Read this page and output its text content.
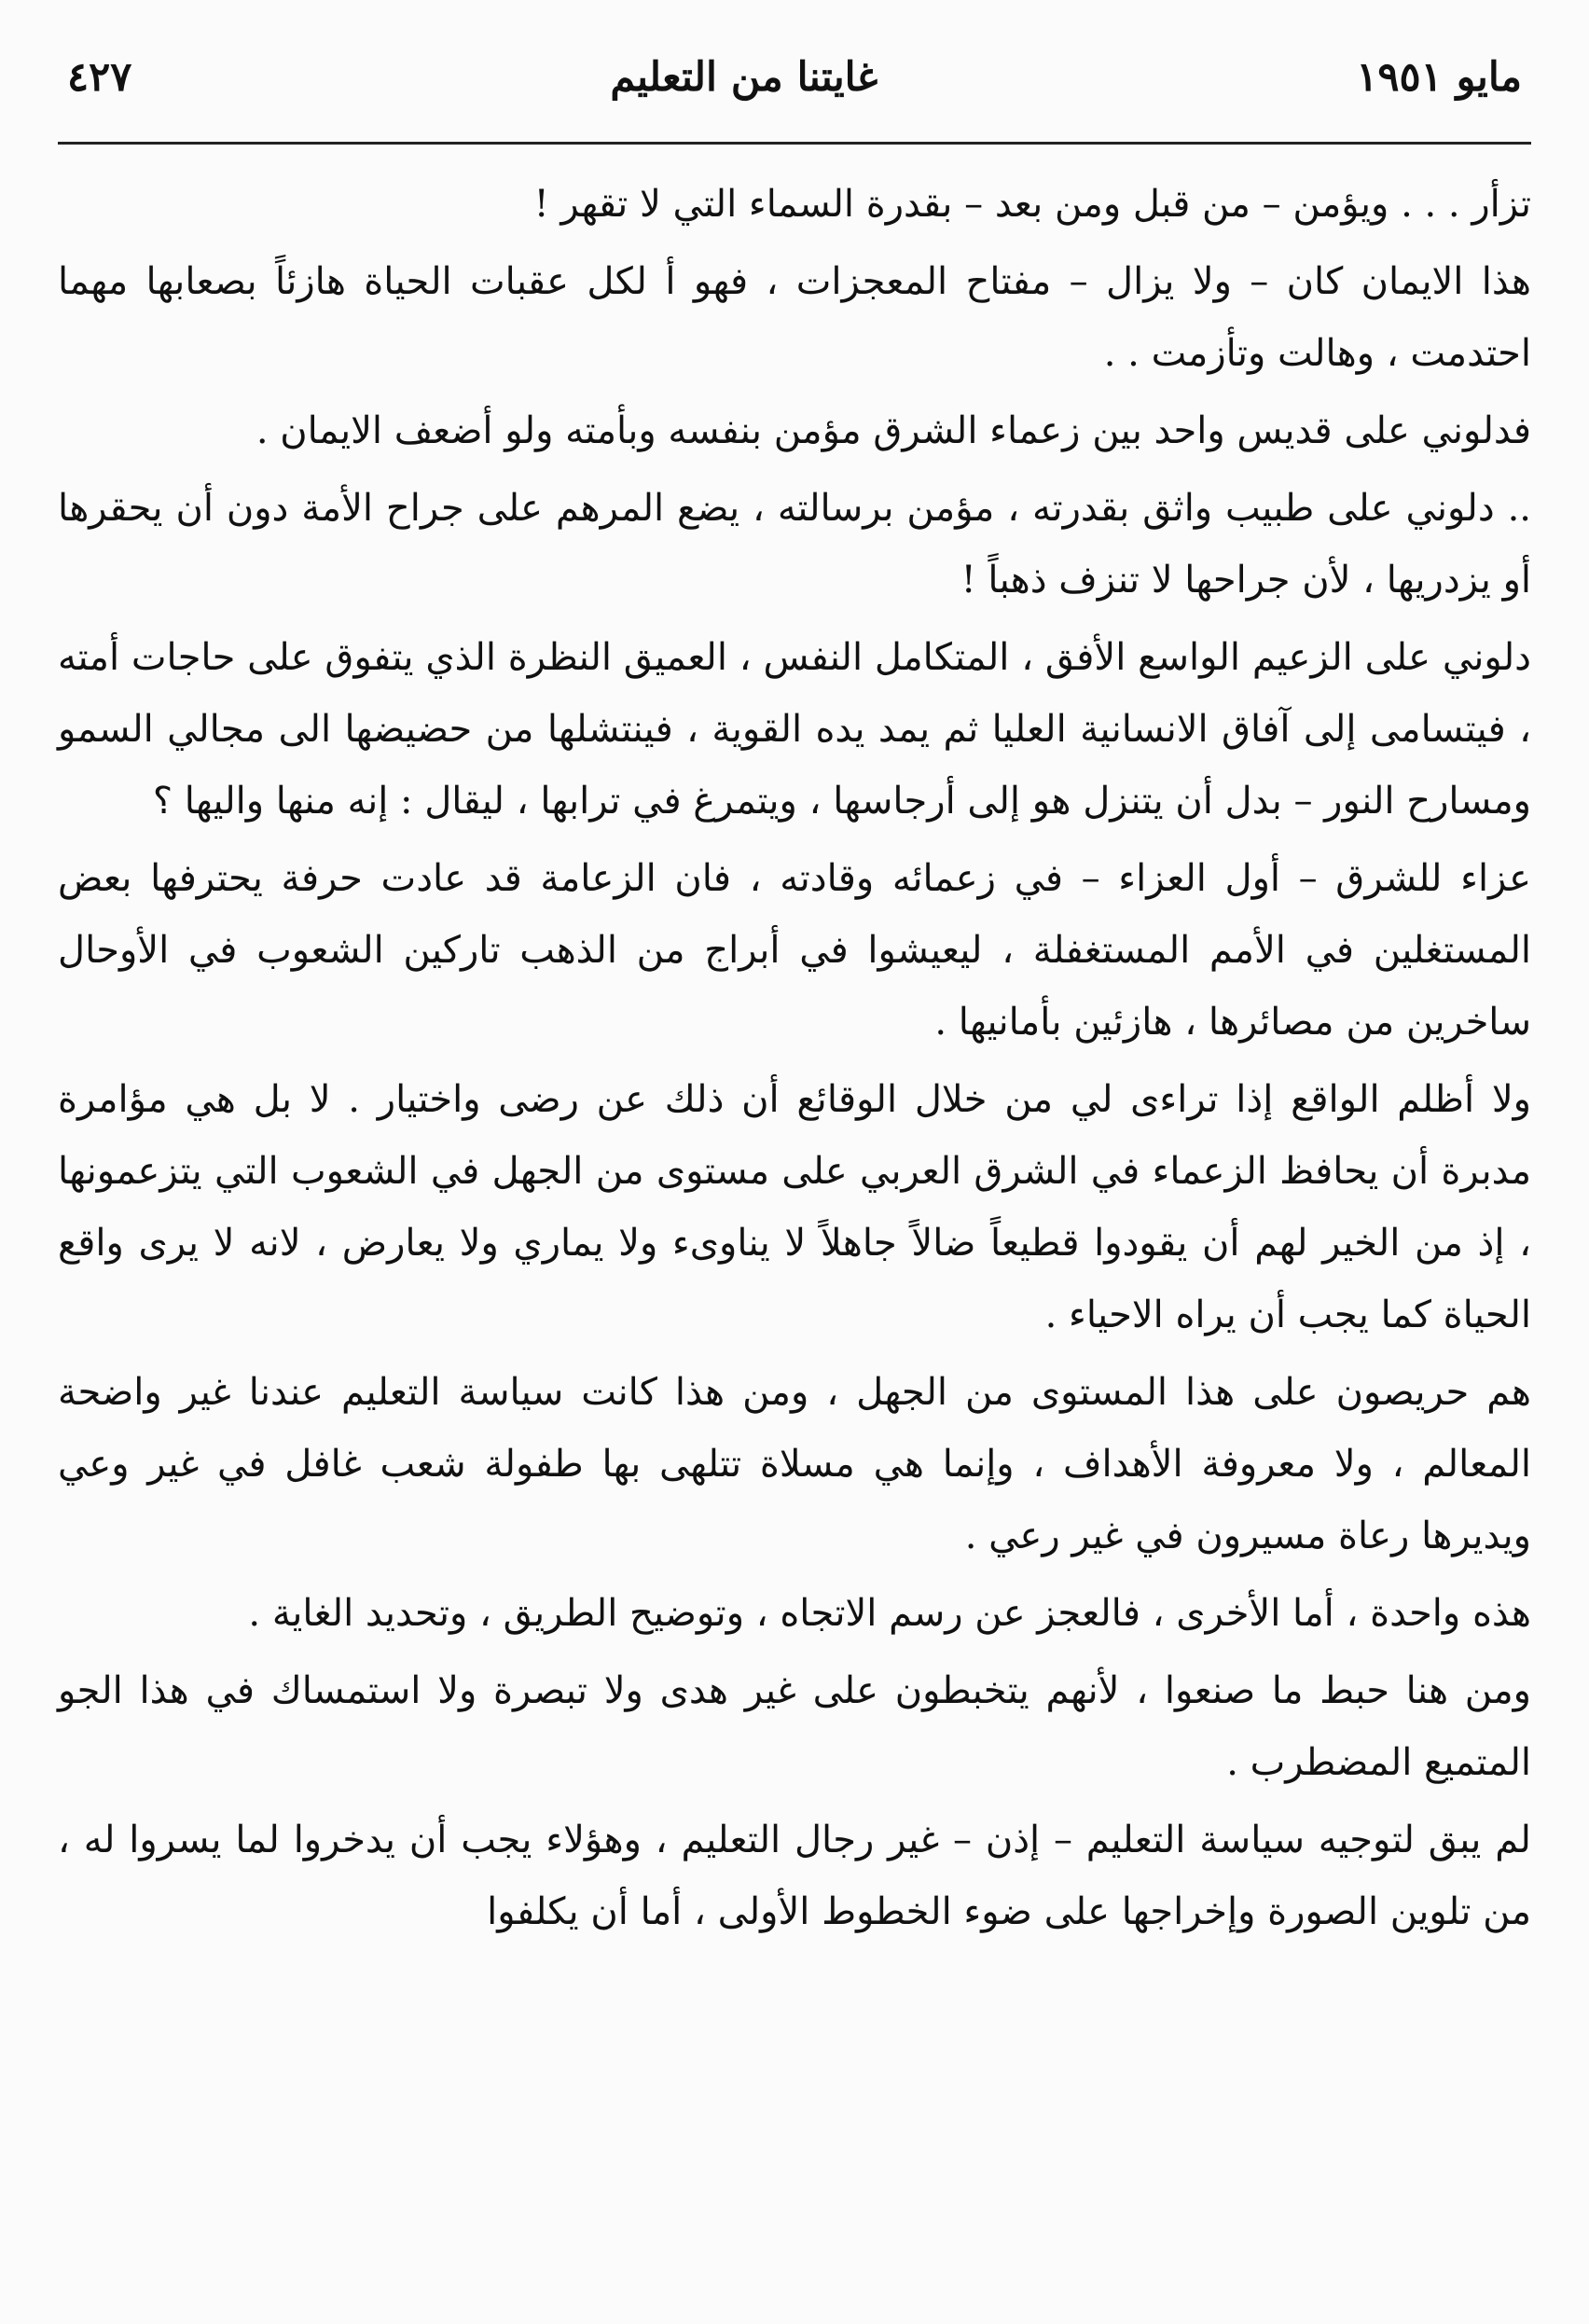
مايو ١٩٥١
غايتنا من التعليم
٤٢٧

تزأر . . . ويؤمن – من قبل ومن بعد – بقدرة السماء التي لا تقهر !

هذا الايمان كان – ولا يزال – مفتاح المعجزات ، فهو أ لكل عقبات الحياة هازئاً بصعابها مهما احتدمت ، وهالت وتأزمت . .

فدلوني على قديس واحد بين زعماء الشرق مؤمن بنفسه وبأمته ولو أضعف الايمان .

.. دلوني على طبيب واثق بقدرته ، مؤمن برسالته ، يضع المرهم على جراح الأمة دون أن يحقرها أو يزدريها ، لأن جراحها لا تنزف ذهباً !

دلوني على الزعيم الواسع الأفق ، المتكامل النفس ، العميق النظرة الذي يتفوق على حاجات أمته ، فيتسامى إلى آفاق الانسانية العليا ثم يمد يده القوية ، فينتشلها من حضيضها الى مجالي السمو ومسارح النور – بدل أن يتنزل هو إلى أرجاسها ، ويتمرغ في ترابها ، ليقال : إنه منها واليها ؟

عزاء للشرق – أول العزاء – في زعمائه وقادته ، فان الزعامة قد عادت حرفة يحترفها بعض المستغلين في الأمم المستغفلة ، ليعيشوا في أبراج من الذهب تاركين الشعوب في الأوحال ساخرين من مصائرها ، هازئين بأمانيها .

ولا أظلم الواقع إذا تراءى لي من خلال الوقائع أن ذلك عن رضى واختيار . لا بل هي مؤامرة مدبرة أن يحافظ الزعماء في الشرق العربي على مستوى من الجهل في الشعوب التي يتزعمونها ، إذ من الخير لهم أن يقودوا قطيعاً ضالاً جاهلاً لا يناوىء ولا يماري ولا يعارض ، لانه لا يرى واقع الحياة كما يجب أن يراه الاحياء .

هم حريصون على هذا المستوى من الجهل ، ومن هذا كانت سياسة التعليم عندنا غير واضحة المعالم ، ولا معروفة الأهداف ، وإنما هي مسلاة تتلهى بها طفولة شعب غافل في غير وعي ويديرها رعاة مسيرون في غير رعي .

هذه واحدة ، أما الأخرى ، فالعجز عن رسم الاتجاه ، وتوضيح الطريق ، وتحديد الغاية .

ومن هنا حبط ما صنعوا ، لأنهم يتخبطون على غير هدى ولا تبصرة ولا استمساك في هذا الجو المتميع المضطرب .

لم يبق لتوجيه سياسة التعليم – إذن – غير رجال التعليم ، وهؤلاء يجب أن يدخروا لما يسروا له ، من تلوين الصورة وإخراجها على ضوء الخطوط الأولى ، أما أن يكلفوا
